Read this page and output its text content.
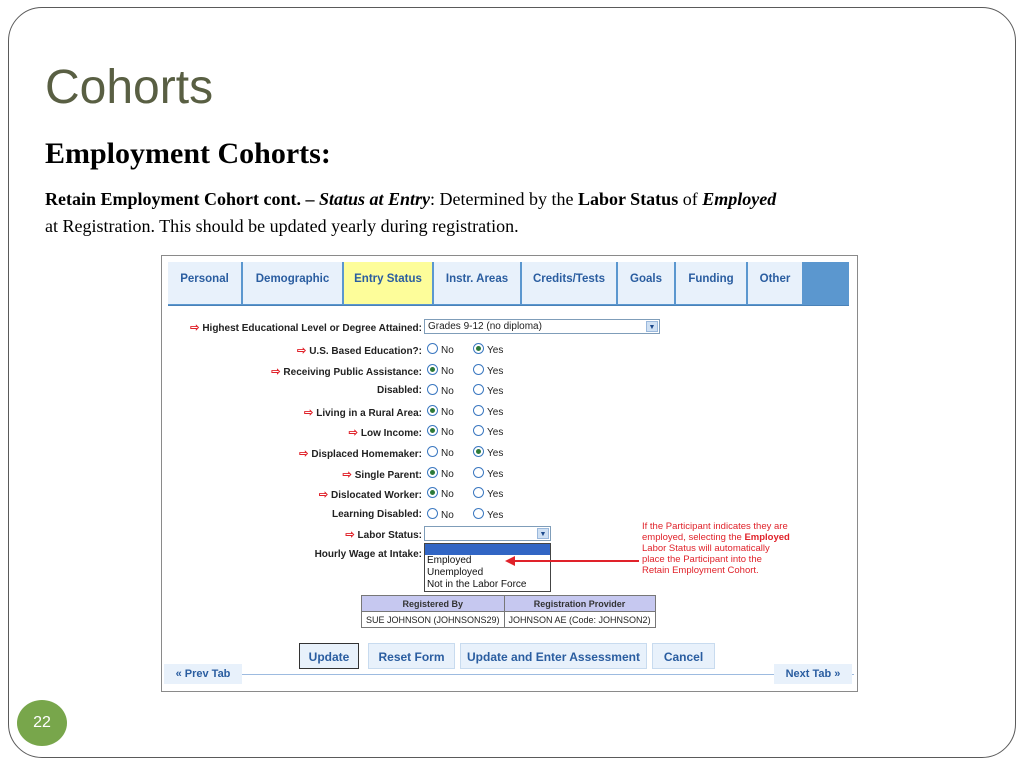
Cohorts
Employment Cohorts:
Retain Employment Cohort cont. – Status at Entry: Determined by the Labor Status of Employed
at Registration. This should be updated yearly during registration.
22
Personal	Demographic	Entry Status	Instr. Areas	Credits/Tests	Goals	Funding	Other
⇨ Highest Educational Level or Degree Attained: Grades 9-12 (no diploma)	▼
⇨ U.S. Based Education?:	No	Yes
⇨ Receiving Public Assistance:	No	Yes
Disabled:	No	Yes
⇨ Living in a Rural Area:	No	Yes
⇨ Low Income:	No	Yes
⇨ Displaced Homemaker:	No	Yes
⇨ Single Parent:	No	Yes
⇨ Dislocated Worker:	No	Yes
Learning Disabled:	No	Yes
⇨ Labor Status:	▼
Hourly Wage at Intake:
Employed
Unemployed
Not in the Labor Force
If the Participant indicates they are
employed, selecting the Employed
Labor Status will automatically
place the Participant into the
Retain Employment Cohort.
Registered By	Registration Provider
SUE JOHNSON (JOHNSONS29)	JOHNSON AE (Code: JOHNSON2)
Update	Reset Form	Update and Enter Assessment	Cancel
« Prev Tab	Next Tab »
